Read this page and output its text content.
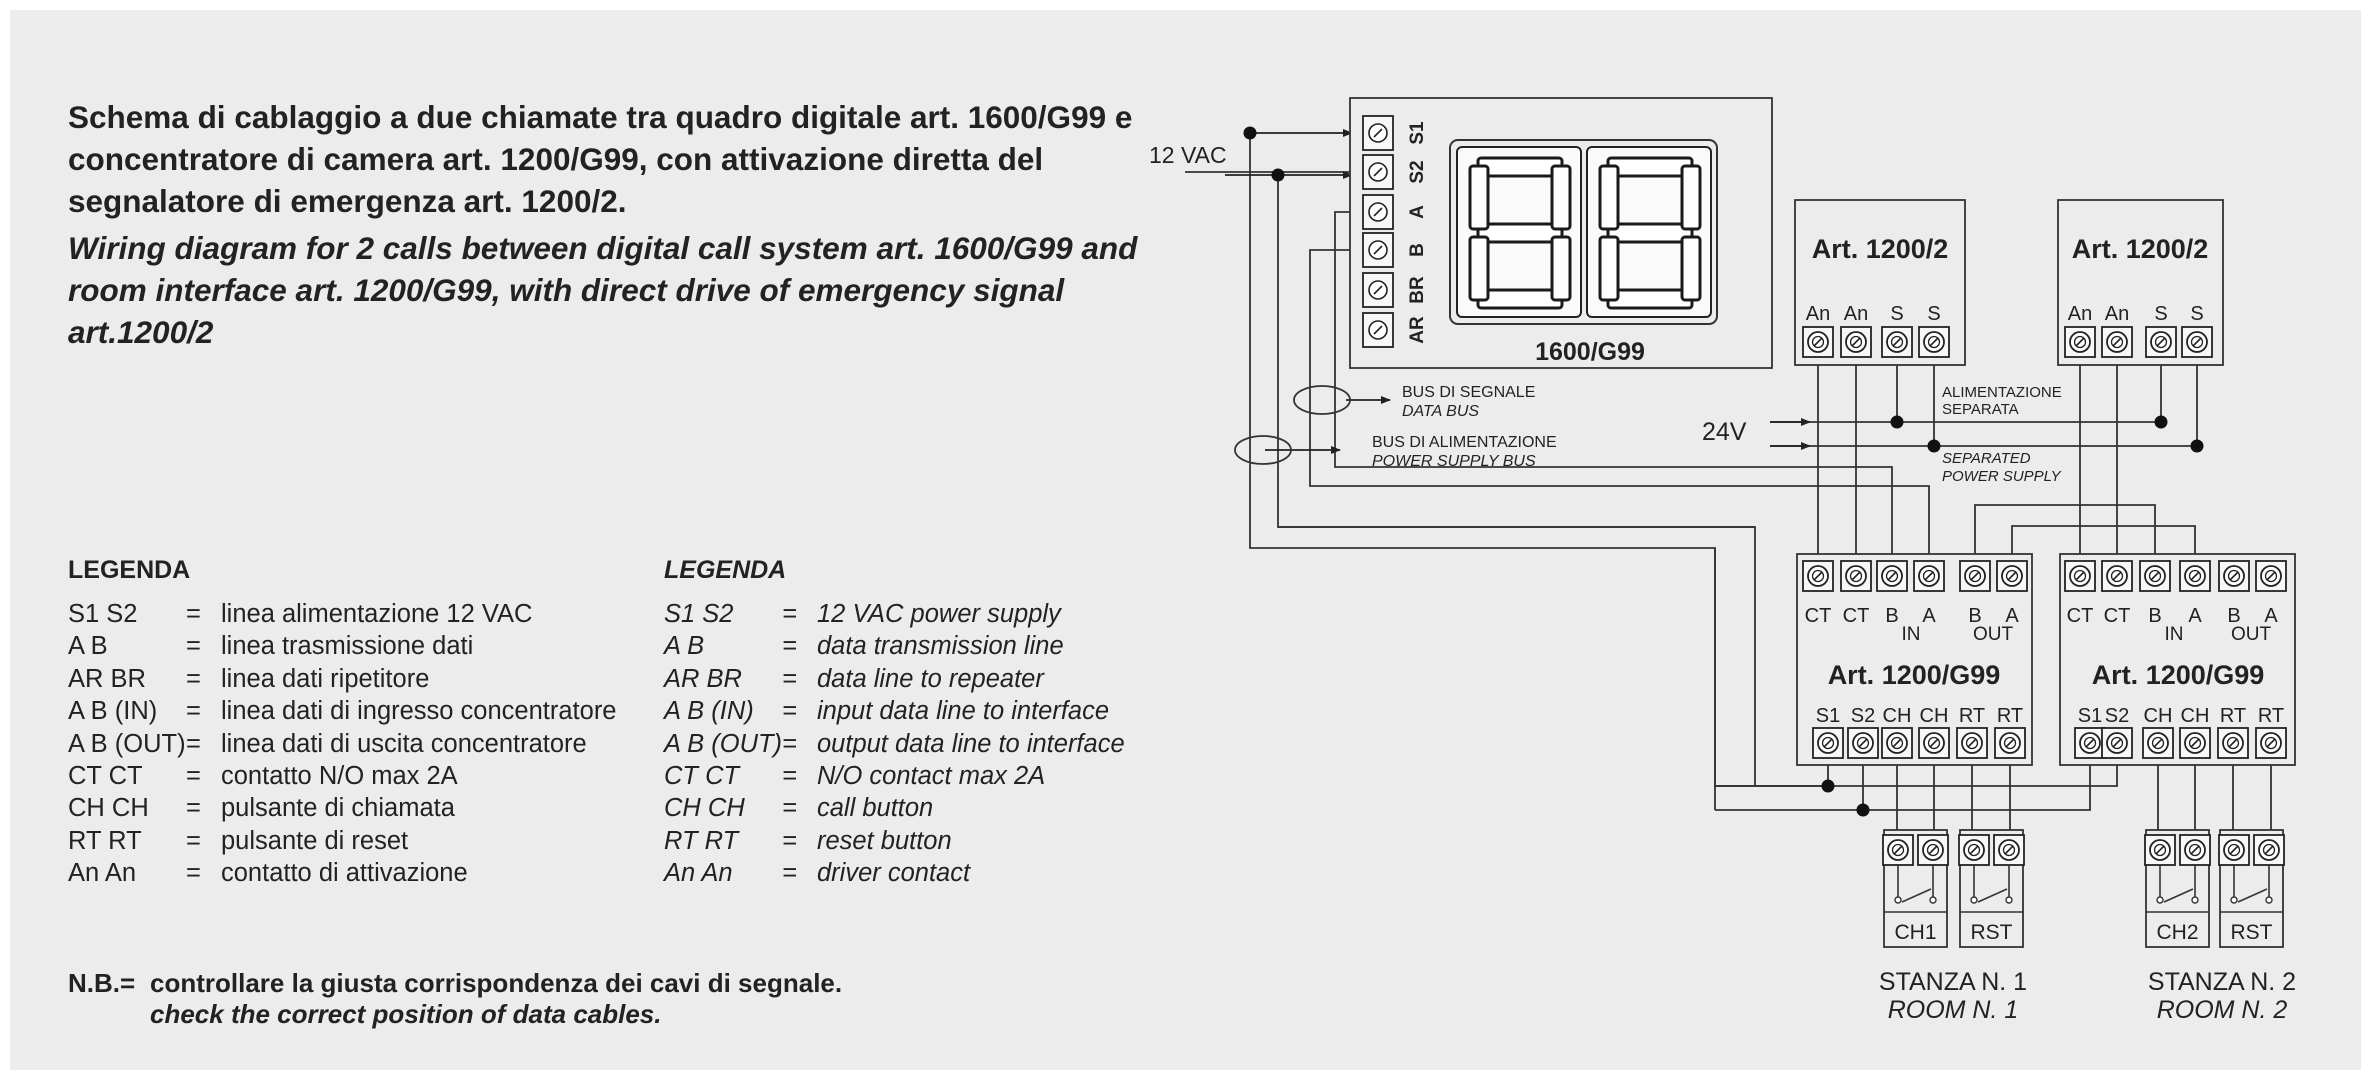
Schema di cablaggio a due chiamate tra quadro digitale art. 1600/G99 e concentratore di camera art. 1200/G99, con attivazione diretta del segnalatore di emergenza art. 1200/2.
Wiring diagram for 2 calls between digital call system art. 1600/G99 and room interface art. 1200/G99, with direct drive of emergency signal art.1200/2
LEGENDA	LEGENDA
S1 S2 = linea alimentazione 12 VAC
A B	= linea trasmissione dati
AR BR = linea dati ripetitore
A B (IN) = linea dati di ingresso concentratore
A B (OUT) = linea dati di uscita concentratore
CT CT = contatto N/O max 2A
CH CH = pulsante di chiamata
RT RT = pulsante di reset
An An = contatto di attivazione
S1 S2 = 12 VAC power supply
A B	= data transmission line
AR BR = data line to repeater
A B (IN) = input data line to interface
A B (OUT) = output data line to interface
CT CT = N/O contact max 2A
CH CH = call button
RT RT = reset button
An An = driver contact
N.B.= controllare la giusta corrispondenza dei cavi di segnale.
check the correct position of data cables.
12 VAC
24V
BUS DI SEGNALE
DATA BUS
BUS DI ALIMENTAZIONE
POWER SUPPLY BUS
ALIMENTAZIONE
SEPARATA
SEPARATED
POWER SUPPLY
1600/G99
S1
S2
A
B
BR
AR
Art. 1200/2
An An S S
Art. 1200/2
An An S S
Art. 1200/G99
IN	OUT
CT CT B A B A
S1 S2 CH CH RT RT
Art. 1200/G99
IN OUT
CT CT B A B A
S1 S2 CH CH RT RT
CH1 RST	CH2 RST
STANZA N. 1
ROOM N. 1
STANZA N. 2
ROOM N. 2
